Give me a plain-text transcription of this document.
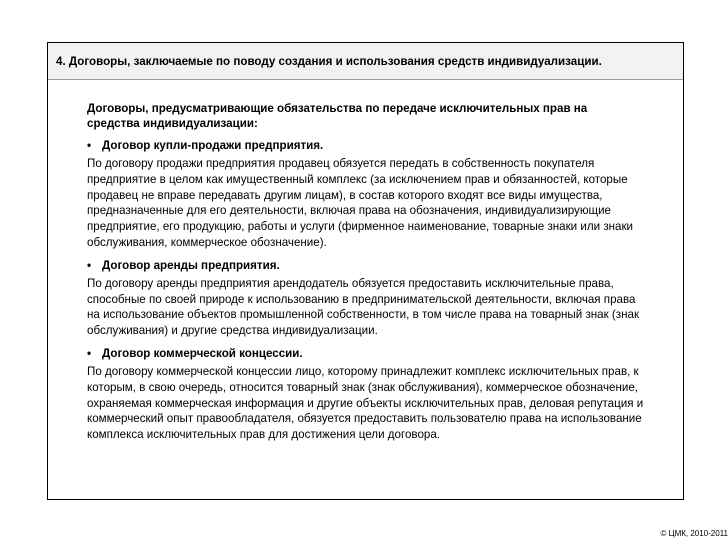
4. Договоры, заключаемые по поводу создания и использования средств индивидуализации.
Договоры, предусматривающие обязательства по передаче исключительных прав на
средства индивидуализации:
• Договор купли-продажи предприятия.
По договору продажи предприятия продавец обязуется передать в собственность покупателя
предприятие в целом как имущественный комплекс (за исключением прав и обязанностей, которые
продавец не вправе передавать другим лицам), в состав которого входят все виды имущества,
предназначенные для его деятельности, включая права на обозначения, индивидуализирующие
предприятие, его продукцию, работы и услуги (фирменное наименование, товарные знаки или знаки
обслуживания, коммерческое обозначение).
• Договор аренды предприятия.
По договору аренды предприятия арендодатель обязуется предоставить исключительные права,
способные по своей природе к использованию в предпринимательской деятельности, включая права
на использование объектов промышленной собственности, в том числе права на товарный знак (знак
обслуживания) и другие средства индивидуализации.
• Договор коммерческой концессии.
По договору коммерческой концессии лицо, которому принадлежит комплекс исключительных прав, к
которым, в свою очередь, относится товарный знак (знак обслуживания), коммерческое обозначение,
охраняемая коммерческая информация и другие объекты исключительных прав, деловая репутация и
коммерческий опыт правообладателя, обязуется предоставить пользователю права на использование
комплекса исключительных прав для достижения цели договора.
© ЦМК, 2010-2011
